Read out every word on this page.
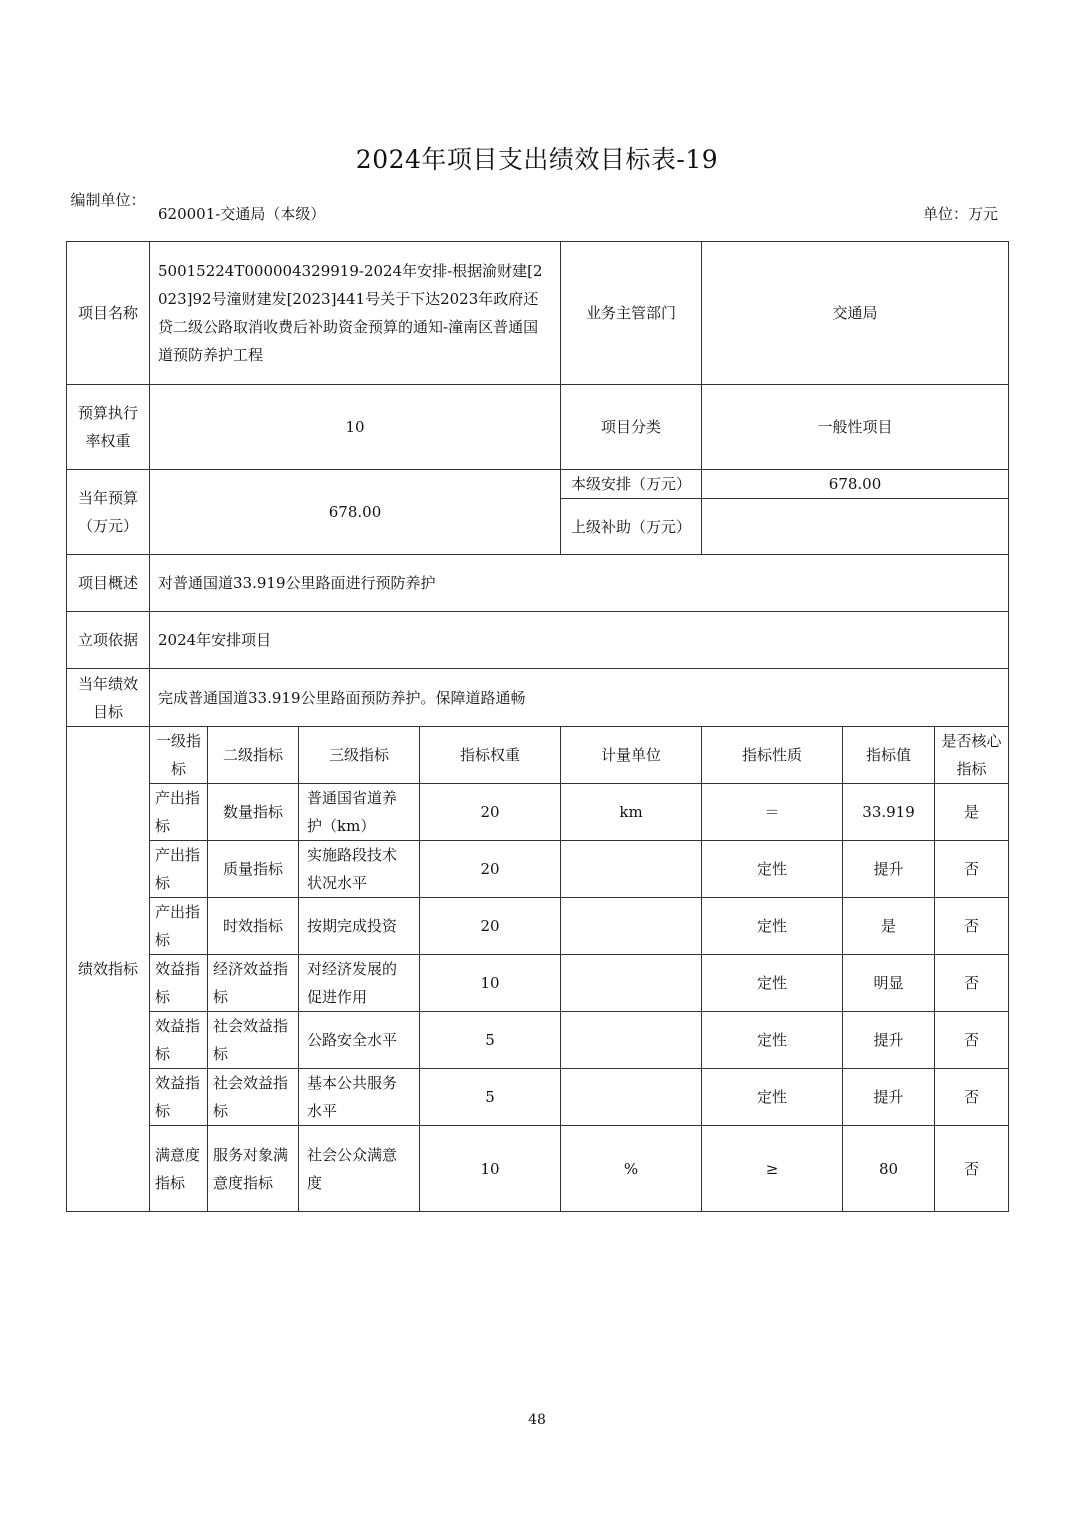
2024年项目支出绩效目标表-19
编制单位：
620001-交通局（本级）	单位：万元
项目名称	50015224T000004329919-2024年安排-根据渝财建[2023]92号潼财建发[2023]441号关于下达2023年政府还贷二级公路取消收费后补助资金预算的通知-潼南区普通国道预防养护工程				业务主管部门	交通局		
预算执行率权重	10				项目分类	一般性项目		
当年预算（万元）	678.00				本级安排（万元）	678.00		
					上级补助（万元）			
项目概述	对普通国道33.919公里路面进行预防养护							
立项依据	2024年安排项目							
当年绩效目标	完成普通国道33.919公里路面预防养护。保障道路通畅							
绩效指标	一级指标	二级指标	三级指标	指标权重	计量单位	指标性质	指标值	是否核心指标
	产出指标	数量指标	普通国省道养护（km）	20	km	＝	33.919	是
	产出指标	质量指标	实施路段技术状况水平	20		定性	提升	否
	产出指标	时效指标	按期完成投资	20		定性	是	否
	效益指标	经济效益指标	对经济发展的促进作用	10		定性	明显	否
	效益指标	社会效益指标	公路安全水平	5		定性	提升	否
	效益指标	社会效益指标	基本公共服务水平	5		定性	提升	否
	满意度指标	服务对象满意度指标	社会公众满意度	10	%	≥	80	否
48
